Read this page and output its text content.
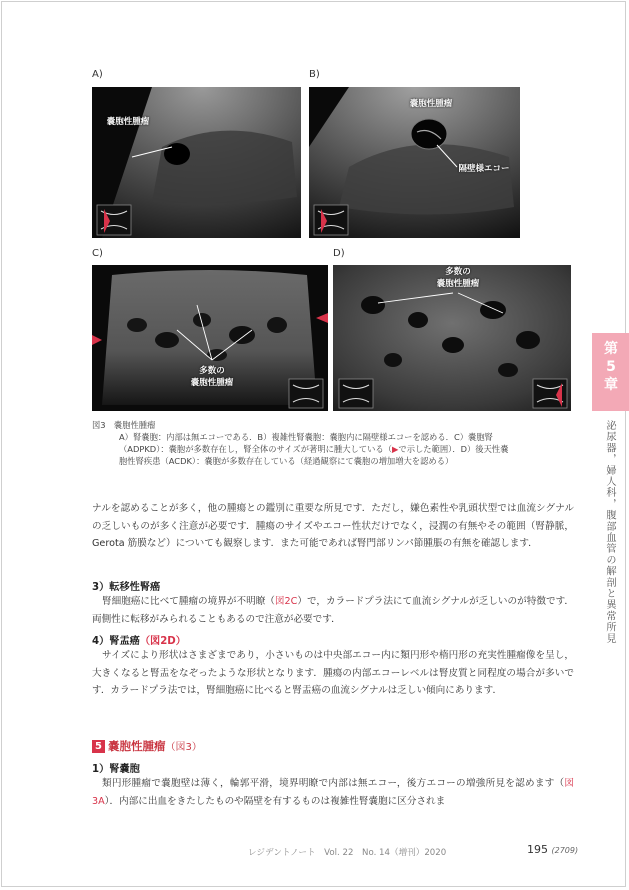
A)
嚢胞性腫瘤
B)
嚢胞性腫瘤
隔壁様エコー
C)
多数の
嚢胞性腫瘤
D)
多数の
嚢胞性腫瘤
図3　 嚢胞性腫瘤
A）腎嚢胞：内部は無エコーである．B）複雑性腎嚢胞：嚢胞内に隔壁様エコーを認める．C）嚢胞腎
（ADPKD）：嚢胞が多数存在し，腎全体のサイズが著明に腫大している（▶で示した範囲）．D）後天性嚢
胞性腎疾患（ACDK）：嚢胞が多数存在している（経過観察にて嚢胞の増加増大を認める）
ナルを認めることが多く，他の腫瘍との鑑別に重要な所見です．ただし，嫌色素性や乳頭状型では血流シグナルの乏しいものが多く注意が必要です．腫瘍のサイズやエコー性状だけでなく，浸潤の有無やその範囲（腎静脈，Gerota 筋膜など）についても観察します．また可能であれば腎門部リンパ節腫脹の有無を確認します．
3）転移性腎癌
腎細胞癌に比べて腫瘤の境界が不明瞭（図2C）で，カラードプラ法にて血流シグナルが乏しいのが特徴です．両側性に転移がみられることもあるので注意が必要です．
4）腎盂癌（図2D）
サイズにより形状はさまざまであり，小さいものは中央部エコー内に類円形や楕円形の充実性腫瘤像を呈し，大きくなると腎盂をなぞったような形状となります．腫瘍の内部エコーレベルは腎皮質と同程度の場合が多いです．カラードプラ法では，腎細胞癌に比べると腎盂癌の血流シグナルは乏しい傾向にあります．
5 嚢胞性腫瘤（図3）
1）腎嚢胞
類円形腫瘤で嚢胞壁は薄く，輪郭平滑，境界明瞭で内部は無エコー，後方エコーの増強所見を認めます（図3A）．内部に出血をきたしたものや隔壁を有するものは複雑性腎嚢胞に区分されま
第
5
章
泌尿器，婦人科，腹部血管の解剖と異常所見
レジデントノート　Vol. 22　No. 14（増刊）2020	195 (2709)
